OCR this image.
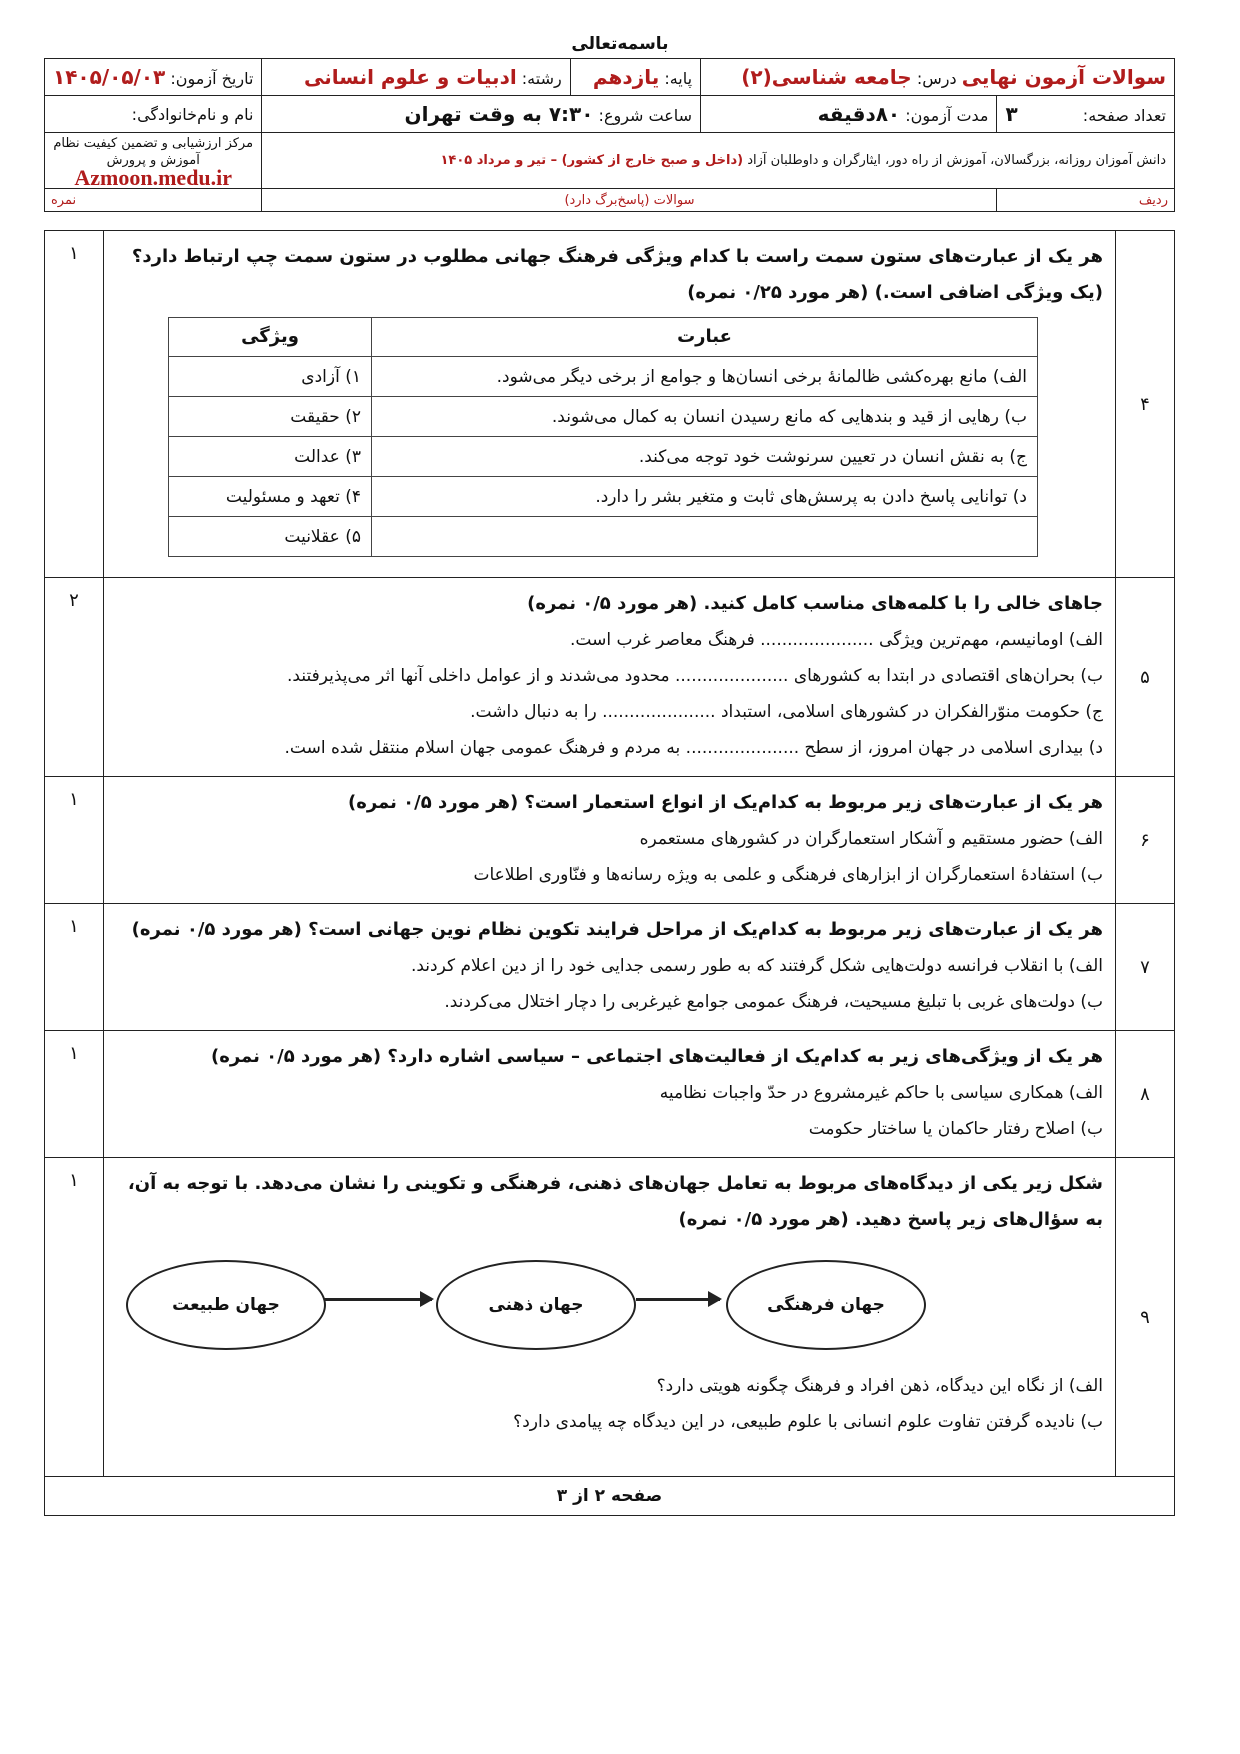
باسمه‌تعالی
سوالات آزمون نهایی درس: جامعه شناسی(۲)		پایه: یازدهم	رشته: ادبیات و علوم انسانی	تاریخ آزمون: ۱۴۰۵/۰۵/۰۳
تعداد صفحه: ۳	مدت آزمون: ۸۰دقیقه	ساعت شروع: ۷:۳۰ به وقت تهران		نام و نام‌خانوادگی:
دانش آموزان روزانه، بزرگسالان، آموزش از راه دور، ایثارگران و داوطلبان آزاد (داخل و صبح خارج از کشور) – تیر و مرداد ۱۴۰۵				مرکز ارزشیابی و تضمین کیفیت نظام آموزش و پرورش
Azmoon.medu.ir

ردیف	سوالات (پاسخ‌برگ دارد)			نمره
۴	
هر یک از عبارت‌های ستون سمت راست با کدام ویژگی فرهنگ جهانی مطلوب در ستون سمت چپ ارتباط دارد؟ (یک ویژگی اضافی است.) (هر مورد ۰/۲۵ نمره)
عبارت	ویژگی
الف) مانع بهره‌کشی ظالمانهٔ برخی انسان‌ها و جوامع از برخی دیگر می‌شود.	۱) آزادی
ب) رهایی از قید و بندهایی که مانع رسیدن انسان به کمال می‌شوند.	۲) حقیقت
ج) به نقش انسان در تعیین سرنوشت خود توجه می‌کند.	۳) عدالت
د) توانایی پاسخ دادن به پرسش‌های ثابت و متغیر بشر را دارد.	۴) تعهد و مسئولیت
	۵) عقلانیت
	۱
۵	
جاهای خالی را با کلمه‌های مناسب کامل کنید. (هر مورد ۰/۵ نمره)
الف) اومانیسم، مهم‌ترین ویژگی ..................... فرهنگ معاصر غرب است.
ب) بحران‌های اقتصادی در ابتدا به کشورهای ..................... محدود می‌شدند و از عوامل داخلی آنها اثر می‌پذیرفتند.
ج) حکومت منوّرالفکران در کشورهای اسلامی، استبداد ..................... را به دنبال داشت.
د) بیداری اسلامی در جهان امروز، از سطح ..................... به مردم و فرهنگ عمومی جهان اسلام منتقل شده است.
	۲
۶	
هر یک از عبارت‌های زیر مربوط به کدام‌یک از انواع استعمار است؟ (هر مورد ۰/۵ نمره)
الف) حضور مستقیم و آشکار استعمارگران در کشورهای مستعمره
ب) استفادهٔ استعمارگران از ابزارهای فرهنگی و علمی به ویژه رسانه‌ها و فنّاوری اطلاعات
	۱
۷	
هر یک از عبارت‌های زیر مربوط به کدام‌یک از مراحل فرایند تکوین نظام نوین جهانی است؟ (هر مورد ۰/۵ نمره)
الف) با انقلاب فرانسه دولت‌هایی شکل گرفتند که به طور رسمی جدایی خود را از دین اعلام کردند.
ب) دولت‌های غربی با تبلیغ مسیحیت، فرهنگ عمومی جوامع غیرغربی را دچار اختلال می‌کردند.
	۱
۸	
هر یک از ویژگی‌های زیر به کدام‌یک از فعالیت‌های اجتماعی – سیاسی اشاره دارد؟ (هر مورد ۰/۵ نمره)
الف) همکاری سیاسی با حاکم غیرمشروع در حدّ واجبات نظامیه
ب) اصلاح رفتار حاکمان یا ساختار حکومت
	۱
۹	
شکل زیر یکی از دیدگاه‌های مربوط به تعامل جهان‌های ذهنی، فرهنگی و تکوینی را نشان می‌دهد. با توجه به آن، به سؤال‌های زیر پاسخ دهید. (هر مورد ۰/۵ نمره)
جهان فرهنگی
جهان ذهنی
جهان طبیعت
الف) از نگاه این دیدگاه، ذهن افراد و فرهنگ چگونه هویتی دارد؟
ب) نادیده گرفتن تفاوت علوم انسانی با علوم طبیعی، در این دیدگاه چه پیامدی دارد؟
	۱
صفحه ۲ از ۳
